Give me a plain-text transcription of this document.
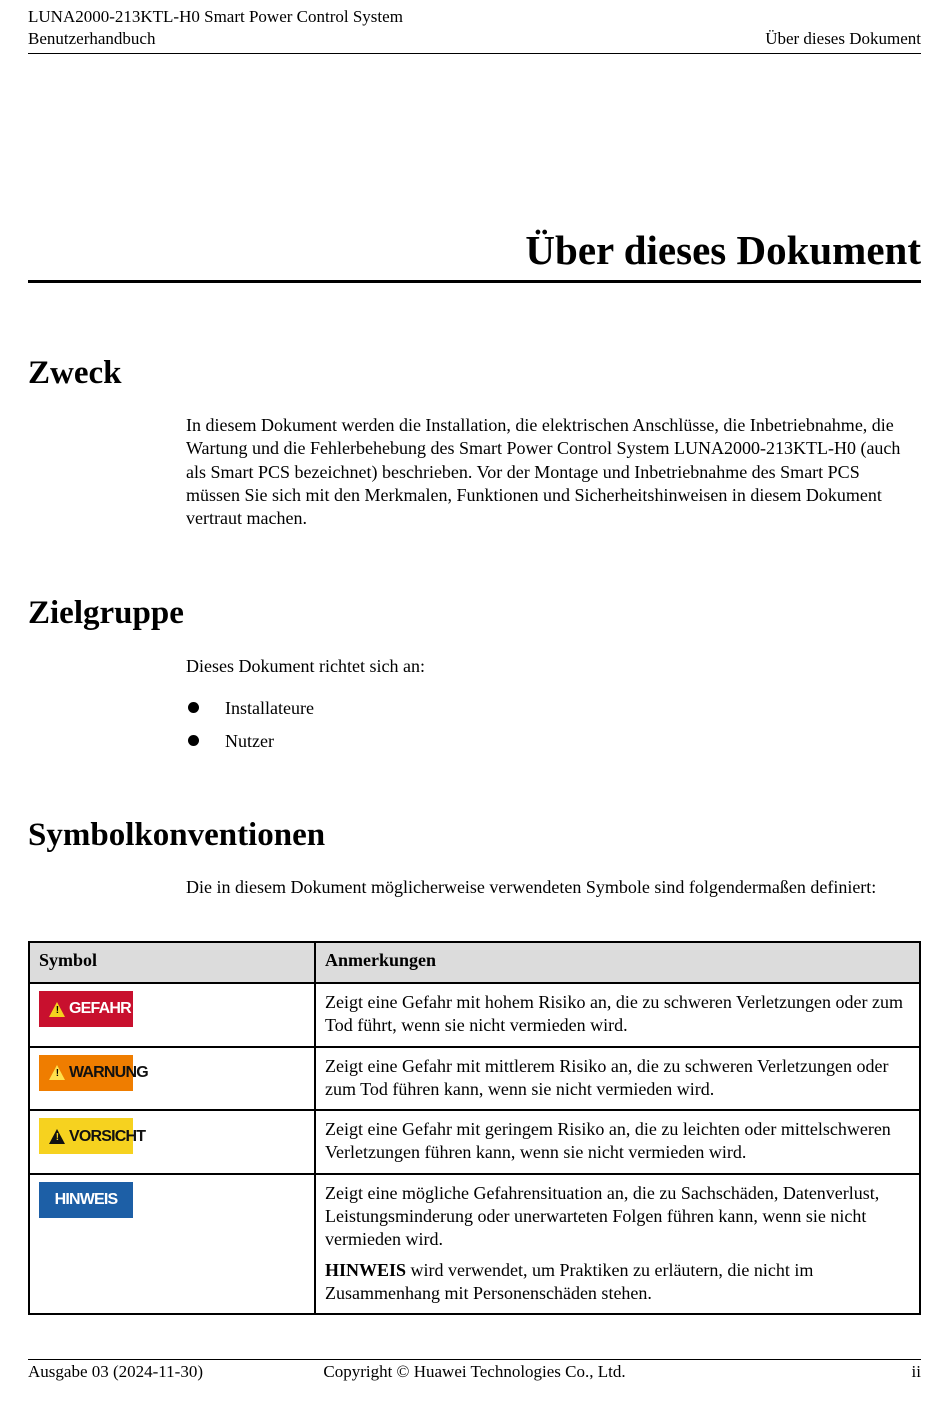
LUNA2000-213KTL-H0 Smart Power Control System
Benutzerhandbuch	Über dieses Dokument
Über dieses Dokument
Zweck
In diesem Dokument werden die Installation, die elektrischen Anschlüsse, die Inbetriebnahme, die Wartung und die Fehlerbehebung des Smart Power Control System LUNA2000-213KTL-H0 (auch als Smart PCS bezeichnet) beschrieben. Vor der Montage und Inbetriebnahme des Smart PCS müssen Sie sich mit den Merkmalen, Funktionen und Sicherheitshinweisen in diesem Dokument vertraut machen.
Zielgruppe
Dieses Dokument richtet sich an:
Installateure
Nutzer
Symbolkonventionen
Die in diesem Dokument möglicherweise verwendeten Symbole sind folgendermaßen definiert:
Symbol	Anmerkungen

! GEFAHR	Zeigt eine Gefahr mit hohem Risiko an, die zu schweren Verletzungen oder zum Tod führt, wenn sie nicht vermieden wird.

! WARNUNG	Zeigt eine Gefahr mit mittlerem Risiko an, die zu schweren Verletzungen oder zum Tod führen kann, wenn sie nicht vermieden wird.

! VORSICHT	Zeigt eine Gefahr mit geringem Risiko an, die zu leichten oder mittelschweren Verletzungen führen kann, wenn sie nicht vermieden wird.

HINWEIS	Zeigt eine mögliche Gefahrensituation an, die zu Sachschäden, Datenverlust, Leistungsminderung oder unerwarteten Folgen führen kann, wenn sie nicht vermieden wird.

HINWEIS wird verwendet, um Praktiken zu erläutern, die nicht im Zusammenhang mit Personenschäden stehen.

Ausgabe 03 (2024-11-30)	Copyright © Huawei Technologies Co., Ltd.	ii
